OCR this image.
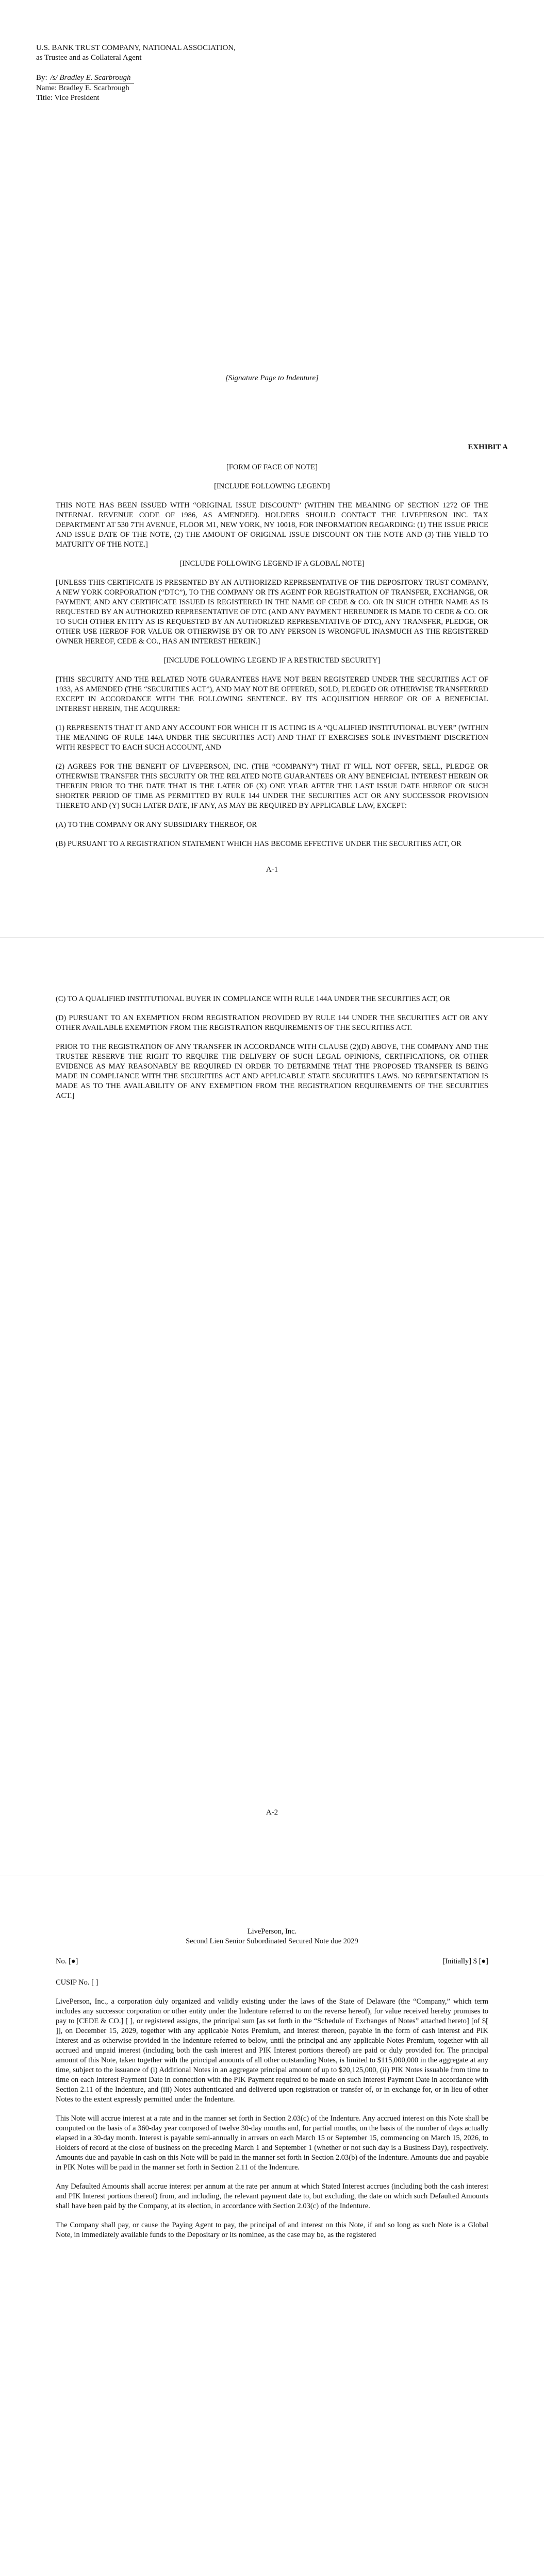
U.S. BANK TRUST COMPANY, NATIONAL ASSOCIATION,
as Trustee and as Collateral Agent
By: /s/ Bradley E. Scarbrough
Name: Bradley E. Scarbrough
Title: Vice President
[Signature Page to Indenture]
EXHIBIT A
[FORM OF FACE OF NOTE]
[INCLUDE FOLLOWING LEGEND]
THIS NOTE HAS BEEN ISSUED WITH “ORIGINAL ISSUE DISCOUNT” (WITHIN THE MEANING OF SECTION 1272 OF THE INTERNAL REVENUE CODE OF 1986, AS AMENDED). HOLDERS SHOULD CONTACT THE LIVEPERSON INC. TAX DEPARTMENT AT 530 7TH AVENUE, FLOOR M1, NEW YORK, NY 10018, FOR INFORMATION REGARDING: (1) THE ISSUE PRICE AND ISSUE DATE OF THE NOTE, (2) THE AMOUNT OF ORIGINAL ISSUE DISCOUNT ON THE NOTE AND (3) THE YIELD TO MATURITY OF THE NOTE.]
[INCLUDE FOLLOWING LEGEND IF A GLOBAL NOTE]
[UNLESS THIS CERTIFICATE IS PRESENTED BY AN AUTHORIZED REPRESENTATIVE OF THE DEPOSITORY TRUST COMPANY, A NEW YORK CORPORATION (“DTC”), TO THE COMPANY OR ITS AGENT FOR REGISTRATION OF TRANSFER, EXCHANGE, OR PAYMENT, AND ANY CERTIFICATE ISSUED IS REGISTERED IN THE NAME OF CEDE & CO. OR IN SUCH OTHER NAME AS IS REQUESTED BY AN AUTHORIZED REPRESENTATIVE OF DTC (AND ANY PAYMENT HEREUNDER IS MADE TO CEDE & CO. OR TO SUCH OTHER ENTITY AS IS REQUESTED BY AN AUTHORIZED REPRESENTATIVE OF DTC), ANY TRANSFER, PLEDGE, OR OTHER USE HEREOF FOR VALUE OR OTHERWISE BY OR TO ANY PERSON IS WRONGFUL INASMUCH AS THE REGISTERED OWNER HEREOF, CEDE & CO., HAS AN INTEREST HEREIN.]
[INCLUDE FOLLOWING LEGEND IF A RESTRICTED SECURITY]
[THIS SECURITY AND THE RELATED NOTE GUARANTEES HAVE NOT BEEN REGISTERED UNDER THE SECURITIES ACT OF 1933, AS AMENDED (THE “SECURITIES ACT”), AND MAY NOT BE OFFERED, SOLD, PLEDGED OR OTHERWISE TRANSFERRED EXCEPT IN ACCORDANCE WITH THE FOLLOWING SENTENCE. BY ITS ACQUISITION HEREOF OR OF A BENEFICIAL INTEREST HEREIN, THE ACQUIRER:
(1) REPRESENTS THAT IT AND ANY ACCOUNT FOR WHICH IT IS ACTING IS A “QUALIFIED INSTITUTIONAL BUYER” (WITHIN THE MEANING OF RULE 144A UNDER THE SECURITIES ACT) AND THAT IT EXERCISES SOLE INVESTMENT DISCRETION WITH RESPECT TO EACH SUCH ACCOUNT, AND
(2) AGREES FOR THE BENEFIT OF LIVEPERSON, INC. (THE “COMPANY”) THAT IT WILL NOT OFFER, SELL, PLEDGE OR OTHERWISE TRANSFER THIS SECURITY OR THE RELATED NOTE GUARANTEES OR ANY BENEFICIAL INTEREST HEREIN OR THEREIN PRIOR TO THE DATE THAT IS THE LATER OF (X) ONE YEAR AFTER THE LAST ISSUE DATE HEREOF OR SUCH SHORTER PERIOD OF TIME AS PERMITTED BY RULE 144 UNDER THE SECURITIES ACT OR ANY SUCCESSOR PROVISION THERETO AND (Y) SUCH LATER DATE, IF ANY, AS MAY BE REQUIRED BY APPLICABLE LAW, EXCEPT:
(A) TO THE COMPANY OR ANY SUBSIDIARY THEREOF, OR
(B) PURSUANT TO A REGISTRATION STATEMENT WHICH HAS BECOME EFFECTIVE UNDER THE SECURITIES ACT, OR
A-1
(C) TO A QUALIFIED INSTITUTIONAL BUYER IN COMPLIANCE WITH RULE 144A UNDER THE SECURITIES ACT, OR
(D) PURSUANT TO AN EXEMPTION FROM REGISTRATION PROVIDED BY RULE 144 UNDER THE SECURITIES ACT OR ANY OTHER AVAILABLE EXEMPTION FROM THE REGISTRATION REQUIREMENTS OF THE SECURITIES ACT.
PRIOR TO THE REGISTRATION OF ANY TRANSFER IN ACCORDANCE WITH CLAUSE (2)(D) ABOVE, THE COMPANY AND THE TRUSTEE RESERVE THE RIGHT TO REQUIRE THE DELIVERY OF SUCH LEGAL OPINIONS, CERTIFICATIONS, OR OTHER EVIDENCE AS MAY REASONABLY BE REQUIRED IN ORDER TO DETERMINE THAT THE PROPOSED TRANSFER IS BEING MADE IN COMPLIANCE WITH THE SECURITIES ACT AND APPLICABLE STATE SECURITIES LAWS. NO REPRESENTATION IS MADE AS TO THE AVAILABILITY OF ANY EXEMPTION FROM THE REGISTRATION REQUIREMENTS OF THE SECURITIES ACT.]
A-2
LivePerson, Inc.
Second Lien Senior Subordinated Secured Note due 2029
No. [●]	[Initially] $ [●]
CUSIP No. [ ]
LivePerson, Inc., a corporation duly organized and validly existing under the laws of the State of Delaware (the “Company,” which term includes any successor corporation or other entity under the Indenture referred to on the reverse hereof), for value received hereby promises to pay to [CEDE & CO.] [ ], or registered assigns, the principal sum [as set forth in the “Schedule of Exchanges of Notes” attached hereto] [of $[ ]], on December 15, 2029, together with any applicable Notes Premium, and interest thereon, payable in the form of cash interest and PIK Interest and as otherwise provided in the Indenture referred to below, until the principal and any applicable Notes Premium, together with all accrued and unpaid interest (including both the cash interest and PIK Interest portions thereof) are paid or duly provided for. The principal amount of this Note, taken together with the principal amounts of all other outstanding Notes, is limited to $115,000,000 in the aggregate at any time, subject to the issuance of (i) Additional Notes in an aggregate principal amount of up to $20,125,000, (ii) PIK Notes issuable from time to time on each Interest Payment Date in connection with the PIK Payment required to be made on such Interest Payment Date in accordance with Section 2.11 of the Indenture, and (iii) Notes authenticated and delivered upon registration or transfer of, or in exchange for, or in lieu of other Notes to the extent expressly permitted under the Indenture.
This Note will accrue interest at a rate and in the manner set forth in Section 2.03(c) of the Indenture. Any accrued interest on this Note shall be computed on the basis of a 360-day year composed of twelve 30-day months and, for partial months, on the basis of the number of days actually elapsed in a 30-day month. Interest is payable semi-annually in arrears on each March 15 or September 15, commencing on March 15, 2026, to Holders of record at the close of business on the preceding March 1 and September 1 (whether or not such day is a Business Day), respectively. Amounts due and payable in cash on this Note will be paid in the manner set forth in Section 2.03(b) of the Indenture. Amounts due and payable in PIK Notes will be paid in the manner set forth in Section 2.11 of the Indenture.
Any Defaulted Amounts shall accrue interest per annum at the rate per annum at which Stated Interest accrues (including both the cash interest and PIK Interest portions thereof) from, and including, the relevant payment date to, but excluding, the date on which such Defaulted Amounts shall have been paid by the Company, at its election, in accordance with Section 2.03(c) of the Indenture.
The Company shall pay, or cause the Paying Agent to pay, the principal of and interest on this Note, if and so long as such Note is a Global Note, in immediately available funds to the Depositary or its nominee, as the case may be, as the registered
